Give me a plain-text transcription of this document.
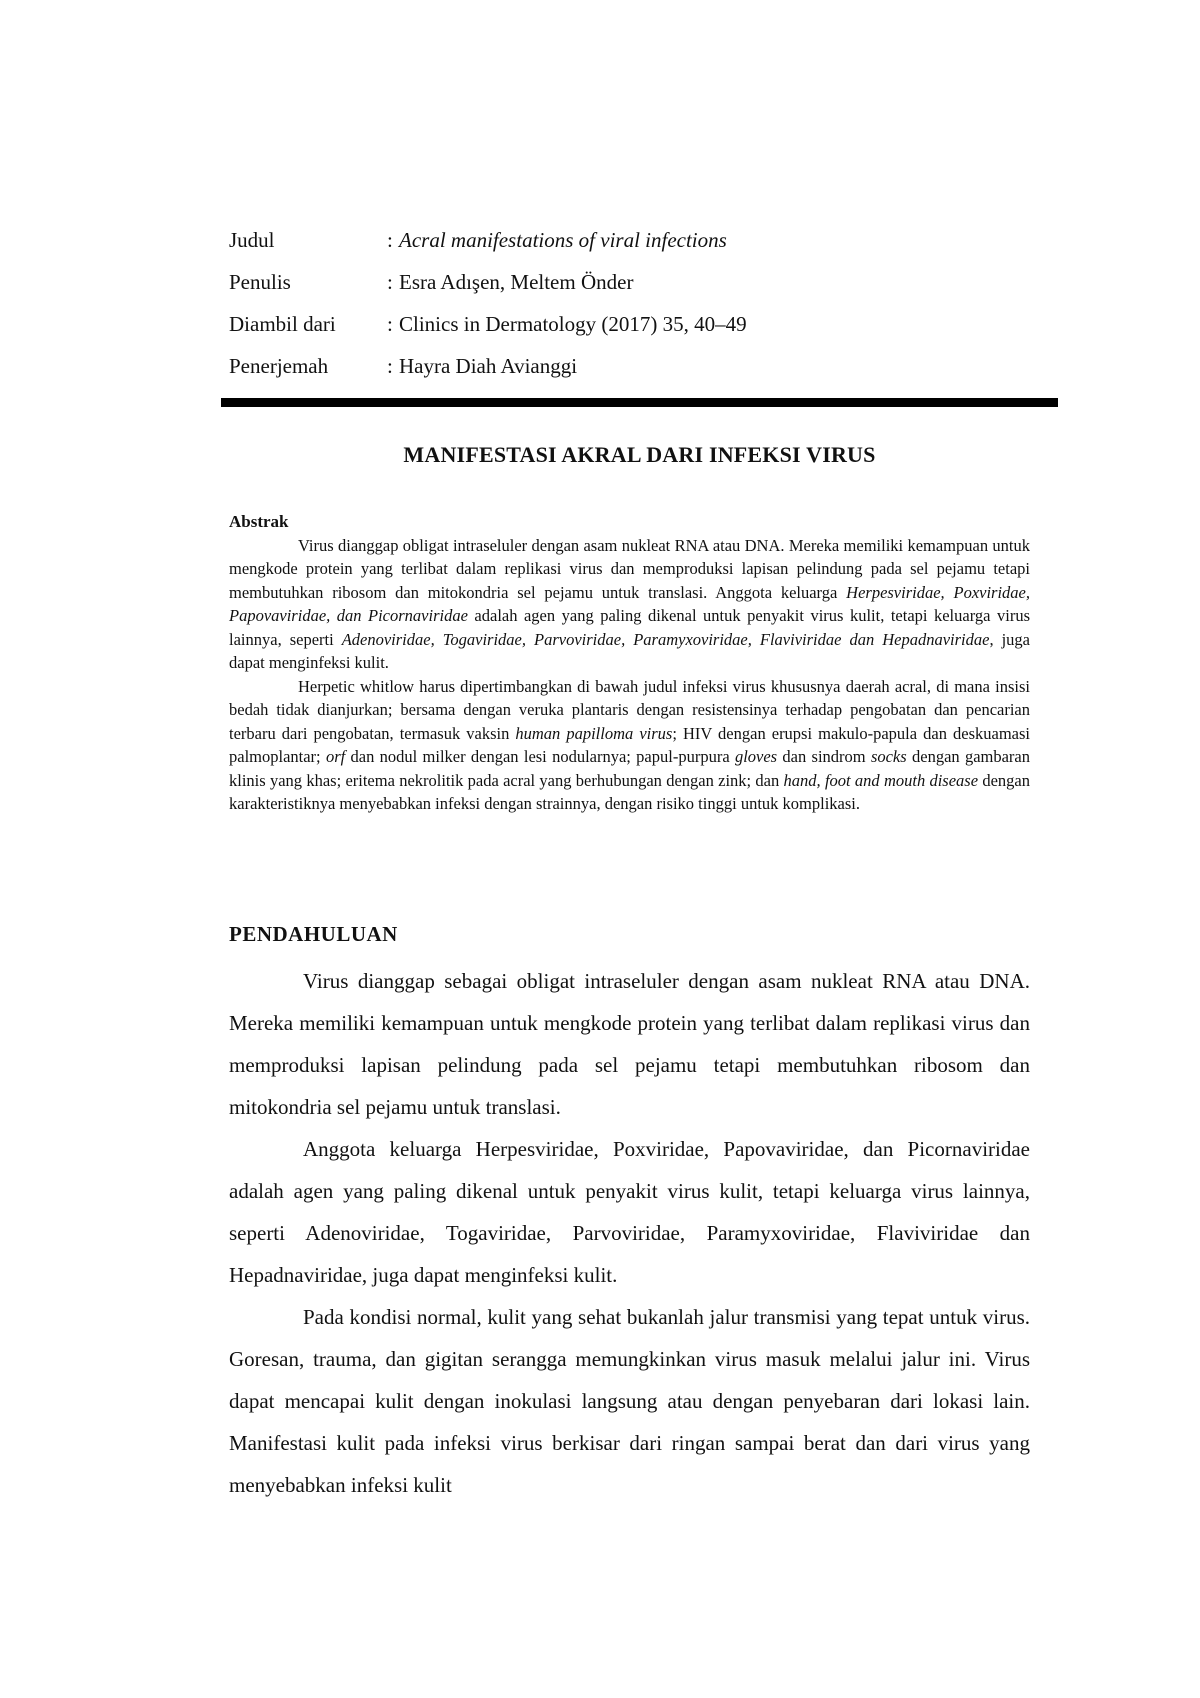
Judul	: Acral manifestations of viral infections
Penulis	: Esra Adışen, Meltem Önder
Diambil dari	: Clinics in Dermatology (2017) 35, 40–49
Penerjemah	: Hayra Diah Avianggi
MANIFESTASI AKRAL DARI INFEKSI VIRUS

Abstrak

Virus dianggap obligat intraseluler dengan asam nukleat RNA atau DNA. Mereka memiliki kemampuan untuk mengkode protein yang terlibat dalam replikasi virus dan memproduksi lapisan pelindung pada sel pejamu tetapi membutuhkan ribosom dan mitokondria sel pejamu untuk translasi. Anggota keluarga Herpesviridae, Poxviridae, Papovaviridae, dan Picornaviridae adalah agen yang paling dikenal untuk penyakit virus kulit, tetapi keluarga virus lainnya, seperti Adenoviridae, Togaviridae, Parvoviridae, Paramyxoviridae, Flaviviridae dan Hepadnaviridae, juga dapat menginfeksi kulit.

Herpetic whitlow harus dipertimbangkan di bawah judul infeksi virus khususnya daerah acral, di mana insisi bedah tidak dianjurkan; bersama dengan veruka plantaris dengan resistensinya terhadap pengobatan dan pencarian terbaru dari pengobatan, termasuk vaksin human papilloma virus; HIV dengan erupsi makulo-papula dan deskuamasi palmoplantar; orf dan nodul milker dengan lesi nodularnya; papul-purpura gloves dan sindrom socks dengan gambaran klinis yang khas; eritema nekrolitik pada acral yang berhubungan dengan zink; dan hand, foot and mouth disease dengan karakteristiknya menyebabkan infeksi dengan strainnya, dengan risiko tinggi untuk komplikasi.

PENDAHULUAN

Virus dianggap sebagai obligat intraseluler dengan asam nukleat RNA atau DNA. Mereka memiliki kemampuan untuk mengkode protein yang terlibat dalam replikasi virus dan memproduksi lapisan pelindung pada sel pejamu tetapi membutuhkan ribosom dan mitokondria sel pejamu untuk translasi.

Anggota keluarga Herpesviridae, Poxviridae, Papovaviridae, dan Picornaviridae adalah agen yang paling dikenal untuk penyakit virus kulit, tetapi keluarga virus lainnya, seperti Adenoviridae, Togaviridae, Parvoviridae, Paramyxoviridae, Flaviviridae dan Hepadnaviridae, juga dapat menginfeksi kulit.

Pada kondisi normal, kulit yang sehat bukanlah jalur transmisi yang tepat untuk virus. Goresan, trauma, dan gigitan serangga memungkinkan virus masuk melalui jalur ini. Virus dapat mencapai kulit dengan inokulasi langsung atau dengan penyebaran dari lokasi lain. Manifestasi kulit pada infeksi virus berkisar dari ringan sampai berat dan dari virus yang menyebabkan infeksi kulit
